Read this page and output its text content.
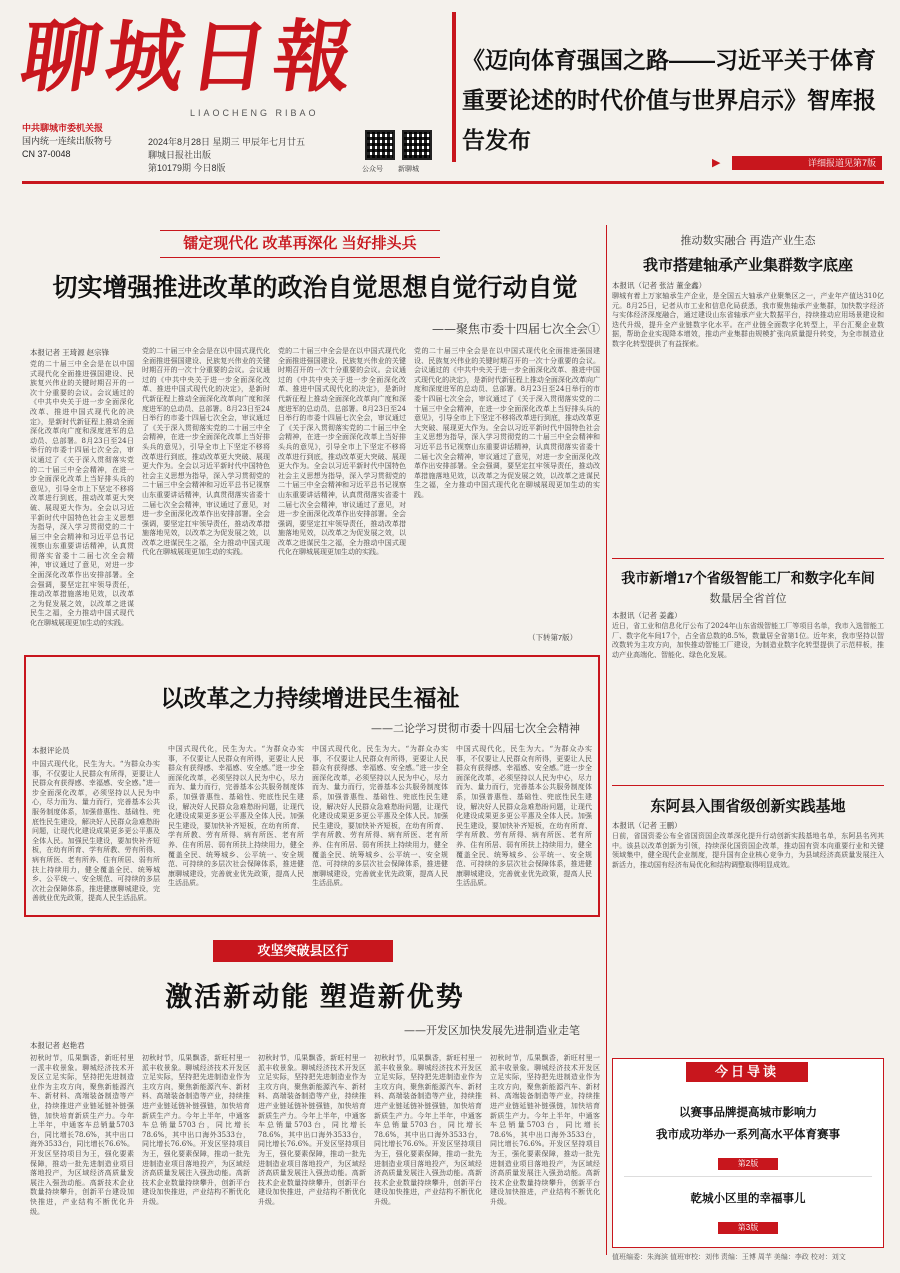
聊城日報
LIAOCHENG RIBAO
中共聊城市委机关报
国内统一连续出版物号
CN 37-0048
2024年8月28日 星期三 甲辰年七月廿五
聊城日报社出版
第10179期 今日8版	公众号 新聊城
《迈向体育强国之路——习近平关于体育重要论述的时代价值与世界启示》智库报告发布
▶	详细报道见第7版
镭定现代化 改革再深化 当好排头兵
切实增强推进改革的政治自觉思想自觉行动自觉
——聚焦市委十四届七次全会①
本报记者 王琦源 赵宗锋
党的二十届三中全会是在以中国式现代化全面推进强国建设、民族复兴伟业的关键时期召开的一次十分重要的会议。会议通过的《中共中央关于进一步全面深化改革、推进中国式现代化的决定》，是新时代新征程上推动全面深化改革向广度和深度进军的总动员、总部署。8月23日至24日举行的市委十四届七次全会，审议通过了《关于深入贯彻落实党的二十届三中全会精神，在进一步全面深化改革上当好排头兵的意见》，引导全市上下坚定不移将改革进行到底，推动改革更大突破、展现更大作为。全会以习近平新时代中国特色社会主义思想为指导，深入学习贯彻党的二十届三中全会精神和习近平总书记视察山东重要讲话精神，认真贯彻落实省委十二届七次全会精神，审议通过了意见，对进一步全面深化改革作出安排部署。全会强调，要坚定扛牢领导责任，推动改革措施落地见效，以改革之为促发展之效，以改革之进谋民生之福，全力推动中国式现代化在聊城展现更加生动的实践。
党的二十届三中全会是在以中国式现代化全面推进强国建设、民族复兴伟业的关键时期召开的一次十分重要的会议。会议通过的《中共中央关于进一步全面深化改革、推进中国式现代化的决定》，是新时代新征程上推动全面深化改革向广度和深度进军的总动员、总部署。8月23日至24日举行的市委十四届七次全会，审议通过了《关于深入贯彻落实党的二十届三中全会精神，在进一步全面深化改革上当好排头兵的意见》，引导全市上下坚定不移将改革进行到底，推动改革更大突破、展现更大作为。全会以习近平新时代中国特色社会主义思想为指导，深入学习贯彻党的二十届三中全会精神和习近平总书记视察山东重要讲话精神，认真贯彻落实省委十二届七次全会精神，审议通过了意见，对进一步全面深化改革作出安排部署。全会强调，要坚定扛牢领导责任，推动改革措施落地见效，以改革之为促发展之效，以改革之进谋民生之福，全力推动中国式现代化在聊城展现更加生动的实践。
党的二十届三中全会是在以中国式现代化全面推进强国建设、民族复兴伟业的关键时期召开的一次十分重要的会议。会议通过的《中共中央关于进一步全面深化改革、推进中国式现代化的决定》，是新时代新征程上推动全面深化改革向广度和深度进军的总动员、总部署。8月23日至24日举行的市委十四届七次全会，审议通过了《关于深入贯彻落实党的二十届三中全会精神，在进一步全面深化改革上当好排头兵的意见》，引导全市上下坚定不移将改革进行到底，推动改革更大突破、展现更大作为。全会以习近平新时代中国特色社会主义思想为指导，深入学习贯彻党的二十届三中全会精神和习近平总书记视察山东重要讲话精神，认真贯彻落实省委十二届七次全会精神，审议通过了意见，对进一步全面深化改革作出安排部署。全会强调，要坚定扛牢领导责任，推动改革措施落地见效，以改革之为促发展之效，以改革之进谋民生之福，全力推动中国式现代化在聊城展现更加生动的实践。
党的二十届三中全会是在以中国式现代化全面推进强国建设、民族复兴伟业的关键时期召开的一次十分重要的会议。会议通过的《中共中央关于进一步全面深化改革、推进中国式现代化的决定》，是新时代新征程上推动全面深化改革向广度和深度进军的总动员、总部署。8月23日至24日举行的市委十四届七次全会，审议通过了《关于深入贯彻落实党的二十届三中全会精神，在进一步全面深化改革上当好排头兵的意见》，引导全市上下坚定不移将改革进行到底，推动改革更大突破、展现更大作为。全会以习近平新时代中国特色社会主义思想为指导，深入学习贯彻党的二十届三中全会精神和习近平总书记视察山东重要讲话精神，认真贯彻落实省委十二届七次全会精神，审议通过了意见，对进一步全面深化改革作出安排部署。全会强调，要坚定扛牢领导责任，推动改革措施落地见效，以改革之为促发展之效，以改革之进谋民生之福，全力推动中国式现代化在聊城展现更加生动的实践。
（下转第7版）
以改革之力持续增进民生福祉
——二论学习贯彻市委十四届七次全会精神
本报评论员
中国式现代化，民生为大。“为群众办实事，不仅要让人民群众有所得，更要让人民群众有获得感、幸福感、安全感。”进一步全面深化改革，必须坚持以人民为中心，尽力而为、量力而行，完善基本公共服务制度体系，加强普惠性、基础性、兜底性民生建设，解决好人民群众急难愁盼问题，让现代化建设成果更多更公平惠及全体人民。加强民生建设，要加快补齐短板，在幼有所育、学有所教、劳有所得、病有所医、老有所养、住有所居、弱有所扶上持续用力，健全覆盖全民、统筹城乡、公平统一、安全规范、可持续的多层次社会保障体系，推进健康聊城建设，完善就业优先政策，提高人民生活品质。
中国式现代化，民生为大。“为群众办实事，不仅要让人民群众有所得，更要让人民群众有获得感、幸福感、安全感。”进一步全面深化改革，必须坚持以人民为中心，尽力而为、量力而行，完善基本公共服务制度体系，加强普惠性、基础性、兜底性民生建设，解决好人民群众急难愁盼问题，让现代化建设成果更多更公平惠及全体人民。加强民生建设，要加快补齐短板，在幼有所育、学有所教、劳有所得、病有所医、老有所养、住有所居、弱有所扶上持续用力，健全覆盖全民、统筹城乡、公平统一、安全规范、可持续的多层次社会保障体系，推进健康聊城建设，完善就业优先政策，提高人民生活品质。
中国式现代化，民生为大。“为群众办实事，不仅要让人民群众有所得，更要让人民群众有获得感、幸福感、安全感。”进一步全面深化改革，必须坚持以人民为中心，尽力而为、量力而行，完善基本公共服务制度体系，加强普惠性、基础性、兜底性民生建设，解决好人民群众急难愁盼问题，让现代化建设成果更多更公平惠及全体人民。加强民生建设，要加快补齐短板，在幼有所育、学有所教、劳有所得、病有所医、老有所养、住有所居、弱有所扶上持续用力，健全覆盖全民、统筹城乡、公平统一、安全规范、可持续的多层次社会保障体系，推进健康聊城建设，完善就业优先政策，提高人民生活品质。
中国式现代化，民生为大。“为群众办实事，不仅要让人民群众有所得，更要让人民群众有获得感、幸福感、安全感。”进一步全面深化改革，必须坚持以人民为中心，尽力而为、量力而行，完善基本公共服务制度体系，加强普惠性、基础性、兜底性民生建设，解决好人民群众急难愁盼问题，让现代化建设成果更多更公平惠及全体人民。加强民生建设，要加快补齐短板，在幼有所育、学有所教、劳有所得、病有所医、老有所养、住有所居、弱有所扶上持续用力，健全覆盖全民、统筹城乡、公平统一、安全规范、可持续的多层次社会保障体系，推进健康聊城建设，完善就业优先政策，提高人民生活品质。
攻坚突破县区行
激活新动能 塑造新优势
——开发区加快发展先进制造业走笔
本报记者 赵艳君
初秋时节，瓜果飘香，新旺村里一派丰收景象。聊城经济技术开发区立足实际，坚持把先进制造业作为主攻方向，聚焦新能源汽车、新材料、高端装备制造等产业，持续推进产业链延链补链强链，加快培育新质生产力。今年上半年，中通客车总销量5703台，同比增长78.6%，其中出口海外3533台，同比增长76.6%。开发区坚持项目为王，强化要素保障，推动一批先进制造业项目落地投产，为区域经济高质量发展注入强劲动能。高新技术企业数量持续攀升，创新平台建设加快推进，产业结构不断优化升级。
初秋时节，瓜果飘香，新旺村里一派丰收景象。聊城经济技术开发区立足实际，坚持把先进制造业作为主攻方向，聚焦新能源汽车、新材料、高端装备制造等产业，持续推进产业链延链补链强链，加快培育新质生产力。今年上半年，中通客车总销量5703台，同比增长78.6%，其中出口海外3533台，同比增长76.6%。开发区坚持项目为王，强化要素保障，推动一批先进制造业项目落地投产，为区域经济高质量发展注入强劲动能。高新技术企业数量持续攀升，创新平台建设加快推进，产业结构不断优化升级。
初秋时节，瓜果飘香，新旺村里一派丰收景象。聊城经济技术开发区立足实际，坚持把先进制造业作为主攻方向，聚焦新能源汽车、新材料、高端装备制造等产业，持续推进产业链延链补链强链，加快培育新质生产力。今年上半年，中通客车总销量5703台，同比增长78.6%，其中出口海外3533台，同比增长76.6%。开发区坚持项目为王，强化要素保障，推动一批先进制造业项目落地投产，为区域经济高质量发展注入强劲动能。高新技术企业数量持续攀升，创新平台建设加快推进，产业结构不断优化升级。
初秋时节，瓜果飘香，新旺村里一派丰收景象。聊城经济技术开发区立足实际，坚持把先进制造业作为主攻方向，聚焦新能源汽车、新材料、高端装备制造等产业，持续推进产业链延链补链强链，加快培育新质生产力。今年上半年，中通客车总销量5703台，同比增长78.6%，其中出口海外3533台，同比增长76.6%。开发区坚持项目为王，强化要素保障，推动一批先进制造业项目落地投产，为区域经济高质量发展注入强劲动能。高新技术企业数量持续攀升，创新平台建设加快推进，产业结构不断优化升级。
初秋时节，瓜果飘香，新旺村里一派丰收景象。聊城经济技术开发区立足实际，坚持把先进制造业作为主攻方向，聚焦新能源汽车、新材料、高端装备制造等产业，持续推进产业链延链补链强链，加快培育新质生产力。今年上半年，中通客车总销量5703台，同比增长78.6%，其中出口海外3533台，同比增长76.6%。开发区坚持项目为王，强化要素保障，推动一批先进制造业项目落地投产，为区域经济高质量发展注入强劲动能。高新技术企业数量持续攀升，创新平台建设加快推进，产业结构不断优化升级。
推动数实融合 再造产业生态
我市搭建轴承产业集群数字底座
本报讯（记者 张洁 董金鑫）
聊城有着上万家轴承生产企业，是全国五大轴承产业聚集区之一，产业年产值达310亿元。8月25日，记者从市工业和信息化局获悉，我市聚焦轴承产业集群，加快数字经济与实体经济深度融合，通过建设山东省轴承产业大数据平台，持续推动应用场景建设和迭代升级，提升全产业链数字化水平。在产业链全面数字化转型上，平台汇聚企业数据，帮助企业实现降本增效，推动产业集群由规模扩张向质量提升转变，为全市制造业数字化转型提供了有益探索。
我市新增17个省级智能工厂和数字化车间
数量居全省首位
本报讯（记者 姜鑫）
近日，省工业和信息化厅公布了2024年山东省级智能工厂等项目名单，我市入选智能工厂、数字化车间17个，占全省总数的8.5%，数量居全省第1位。近年来，我市坚持以智改数转为主攻方向，加快推动智能工厂建设，为制造业数字化转型提供了示范样板，推动产业高端化、智能化、绿色化发展。
东阿县入围省级创新实践基地
本报讯（记者 王鹏）
日前，省国资委公布全省国资国企改革深化提升行动创新实践基地名单，东阿县名列其中。该县以改革创新为引领，持续深化国资国企改革，推动国有资本向重要行业和关键领域集中，健全现代企业制度，提升国有企业核心竞争力，为县域经济高质量发展注入新活力，推动国有经济布局优化和结构调整取得明显成效。
今日导读
以赛事品牌提高城市影响力
我市成功举办一系列高水平体育赛事
第2版
乾城小区里的幸福事儿
第3版
值班编委：朱海滨 值班审校：刘伟 责编：王博 周芊 美编：李政 校对：刘文
